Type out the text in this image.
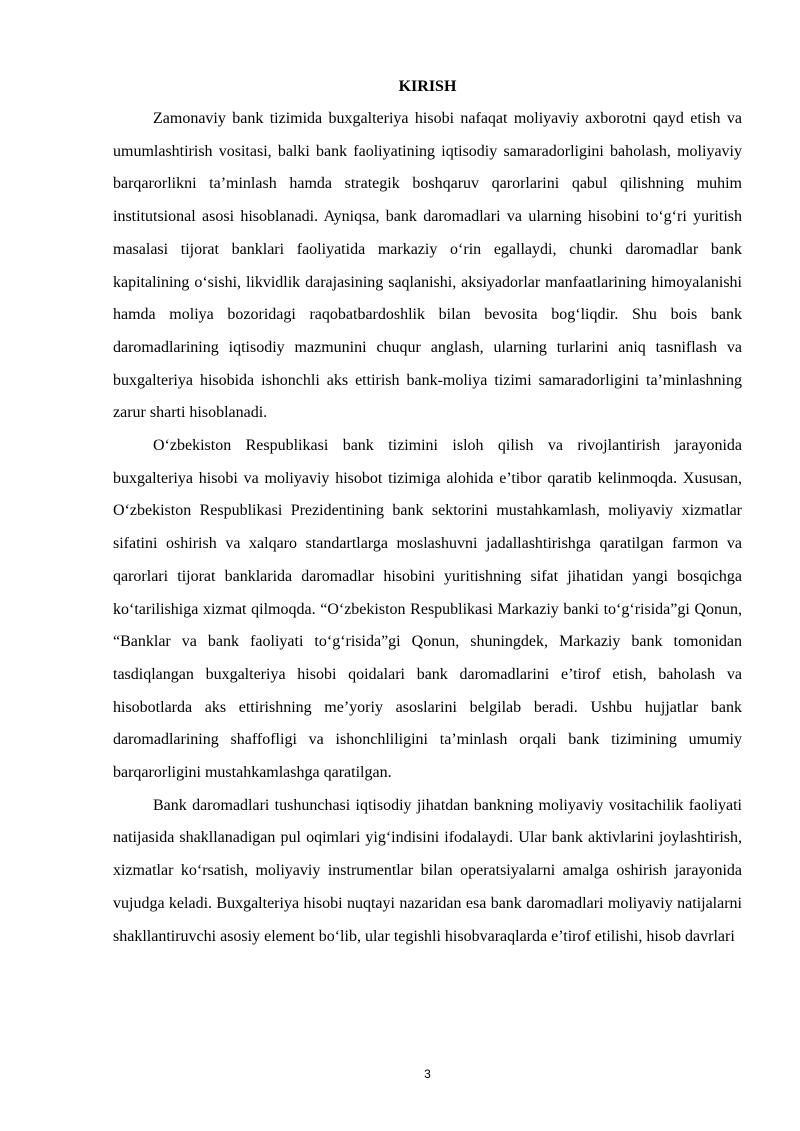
KIRISH

Zamonaviy bank tizimida buxgalteriya hisobi nafaqat moliyaviy axborotni qayd etish va umumlashtirish vositasi, balki bank faoliyatining iqtisodiy samaradorligini baholash, moliyaviy barqarorlikni ta’minlash hamda strategik boshqaruv qarorlarini qabul qilishning muhim institutsional asosi hisoblanadi. Ayniqsa, bank daromadlari va ularning hisobini to‘g‘ri yuritish masalasi tijorat banklari faoliyatida markaziy o‘rin egallaydi, chunki daromadlar bank kapitalining o‘sishi, likvidlik darajasining saqlanishi, aksiyadorlar manfaatlarining himoyalanishi hamda moliya bozoridagi raqobatbardoshlik bilan bevosita bog‘liqdir. Shu bois bank daromadlarining iqtisodiy mazmunini chuqur anglash, ularning turlarini aniq tasniflash va buxgalteriya hisobida ishonchli aks ettirish bank-moliya tizimi samaradorligini ta’minlashning zarur sharti hisoblanadi.

O‘zbekiston Respublikasi bank tizimini isloh qilish va rivojlantirish jarayonida buxgalteriya hisobi va moliyaviy hisobot tizimiga alohida e’tibor qaratib kelinmoqda. Xususan, O‘zbekiston Respublikasi Prezidentining bank sektorini mustahkamlash, moliyaviy xizmatlar sifatini oshirish va xalqaro standartlarga moslashuvni jadallashtirishga qaratilgan farmon va qarorlari tijorat banklarida daromadlar hisobini yuritishning sifat jihatidan yangi bosqichga ko‘tarilishiga xizmat qilmoqda. “O‘zbekiston Respublikasi Markaziy banki to‘g‘risida”gi Qonun, “Banklar va bank faoliyati to‘g‘risida”gi Qonun, shuningdek, Markaziy bank tomonidan tasdiqlangan buxgalteriya hisobi qoidalari bank daromadlarini e’tirof etish, baholash va hisobotlarda aks ettirishning me’yoriy asoslarini belgilab beradi. Ushbu hujjatlar bank daromadlarining shaffofligi va ishonchliligini ta’minlash orqali bank tizimining umumiy barqarorligini mustahkamlashga qaratilgan.

Bank daromadlari tushunchasi iqtisodiy jihatdan bankning moliyaviy vositachilik faoliyati natijasida shakllanadigan pul oqimlari yig‘indisini ifodalaydi. Ular bank aktivlarini joylashtirish, xizmatlar ko‘rsatish, moliyaviy instrumentlar bilan operatsiyalarni amalga oshirish jarayonida vujudga keladi. Buxgalteriya hisobi nuqtayi nazaridan esa bank daromadlari moliyaviy natijalarni shakllantiruvchi asosiy element bo‘lib, ular tegishli hisobvaraqlarda e’tirof etilishi, hisob davrlari

3
